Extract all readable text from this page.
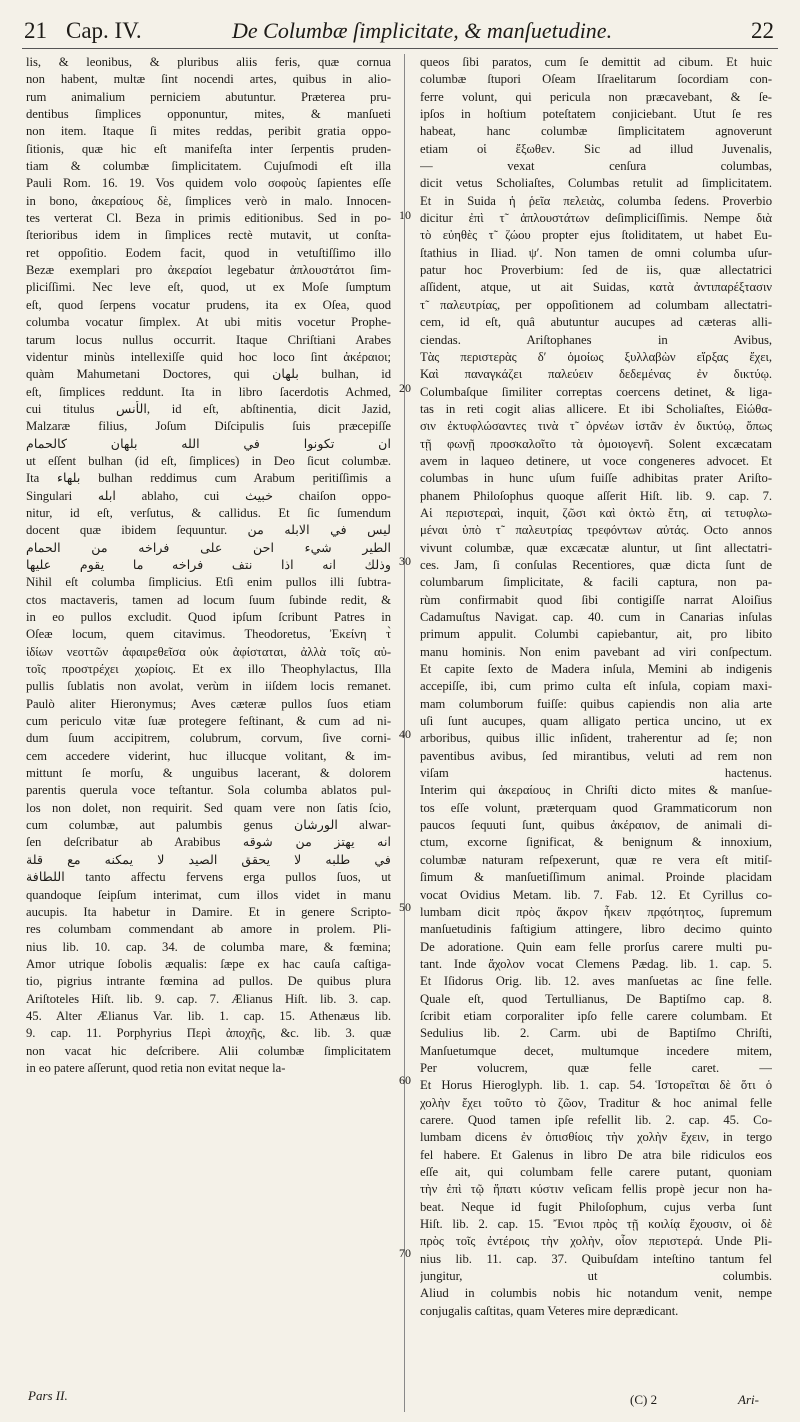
21 Cap. IV.	De Columbæ ſimplicitate, & manſuetudine.	22
lis, & leonibus, & pluribus aliis feris, quæ cornua
non habent, multæ ſint nocendi artes, quibus in alio-
rum animalium perniciem abutuntur. Præterea pru-
dentibus ſimplices opponuntur, mites, & manſueti
non item. Itaque ſi mites reddas, peribit gratia oppo-
ſitionis, quæ hic eſt manifeſta inter ſerpentis pruden-
tiam & columbæ ſimplicitatem. Cujuſmodi eſt illa
Pauli Rom. 16. 19. Vos quidem volo σοφοὺς ſapientes eſſe
in bono, ἀκεραίους δὲ, ſimplices verò in malo. Innocen-
tes verterat Cl. Beza in primis editionibus. Sed in po-
ſterioribus idem in ſimplices rectè mutavit, ut conſta-
ret oppoſitio. Eodem facit, quod in vetuſtiſſimo illo
Bezæ exemplari pro ἀκεραίοι legebatur ἀπλουστάτοι ſim-
pliciſſimi. Nec leve eſt, quod, ut ex Moſe ſumptum
eſt, quod ſerpens vocatur prudens, ita ex Oſea, quod
columba vocatur ſimplex. At ubi mitis vocetur Prophe-
tarum locus nullus occurrit. Itaque Chriſtiani Arabes
videntur minùs intellexiſſe quid hoc loco ſint ἀκέραιοι;
quàm Mahumetani Doctores, qui بلهان bulhan, id
eſt, ſimplices reddunt. Ita in libro ſacerdotis Achmed,
cui titulus الأنس, id eſt, abſtinentia, dicit Jazid,
Malzaræ filius, Joſum Diſcipulis ſuis præcepiſſe
ان تكونوا في الله بلهان كالحمام
ut eſſent bulhan (id eſt, ſimplices) in Deo ſicut columbæ.
Ita بلهاء bulhan reddimus cum Arabum peritiſſimis a
Singulari ابله ablaho, cui خبيث chaiſon oppo-
nitur, id eſt, verſutus, & callidus. Et ſic ſumendum
docent quæ ibidem ſequuntur. ليس في الابله من
الطير شيء احن على فراخه من الحمام
وذلك انه اذا نتف فراخه ما يقوم عليها
Nihil eſt columba ſimplicius. Etſi enim pullos illi ſubtra-
ctos mactaveris, tamen ad locum ſuum ſubinde redit, &
in eo pullos excludit. Quod ipſum ſcribunt Patres in
Oſeæ locum, quem citavimus. Theodoretus, Ἐκείνη τ̀
ἰδίων νεοττῶν ἀφαιρεθεῖσα οὐκ ἀφίσταται, ἀλλὰ τοῖς αὐ-
τοῖς προστρέχει χωρίοις. Et ex illo Theophylactus, Illa
pullis ſublatis non avolat, verùm in iiſdem locis remanet.
Paulò aliter Hieronymus; Aves cæteræ pullos ſuos etiam
cum periculo vitæ ſuæ protegere feſtinant, & cum ad ni-
dum ſuum accipitrem, colubrum, corvum, ſive corni-
cem accedere viderint, huc illucque volitant, & im-
mittunt ſe morſu, & unguibus lacerant, & dolorem
parentis querula voce teſtantur. Sola columba ablatos pul-
los non dolet, non requirit. Sed quam vere non ſatis ſcio,
cum columbæ, aut palumbis genus الورشان alwar-
ſen deſcribatur ab Arabibus انه يهتز من شوقه
في طلبه لا يحقق الصيد لا يمكنه مع قلة
اللطافة tanto affectu fervens erga pullos ſuos, ut
quandoque ſeipſum interimat, cum illos videt in manu
aucupis. Ita habetur in Damire. Et in genere Scripto-
res columbam commendant ab amore in prolem. Pli-
nius lib. 10. cap. 34. de columba mare, & fœmina;
Amor utrique ſobolis æqualis: ſæpe ex hac cauſa caſtiga-
tio, pigrius intrante fœmina ad pullos. De quibus plura
Ariſtoteles Hiſt. lib. 9. cap. 7. Ælianus Hiſt. lib. 3. cap.
45. Alter Ælianus Var. lib. 1. cap. 15. Athenæus lib.
9. cap. 11. Porphyrius Περὶ ἀποχῆς, &c. lib. 3. quæ
non vacat hic deſcribere. Alii columbæ ſimplicitatem
in eo patere aſſerunt, quod retia non evitat neque la-
10
20
30
40
50
60
70
queos ſibi paratos, cum ſe demittit ad cibum. Et huic
columbæ ſtupori Oſeam Iſraelitarum ſocordiam con-
ferre volunt, qui pericula non præcavebant, & ſe-
ipſos in hoſtium poteſtatem conjiciebant. Utut ſe res
habeat, hanc columbæ ſimplicitatem agnoverunt
etiam οἱ ἔξωθεν. Sic ad illud Juvenalis,
— vexat cenſura columbas,
dicit vetus Scholiaſtes, Columbas retulit ad ſimplicitatem.
Et in Suida ἡ ῥεῖα πελειὰς, columba ſedens. Proverbio
dicitur ἐπὶ τ̃ ἀπλουστάτων deſimpliciſſimis. Nempe διὰ
τὸ εὐηθὲς τ̃ ζώου propter ejus ſtoliditatem, ut habet Eu-
ſtathius in Iliad. ψ′. Non tamen de omni columba uſur-
patur hoc Proverbium: ſed de iis, quæ allectatrici
aſſident, atque, ut ait Suidas, κατὰ ἀντιπαρέξτασιν
τ̃ παλευτρίας, per oppoſitionem ad columbam allectatri-
cem, id eſt, quâ abutuntur aucupes ad cæteras alli-
ciendas. Ariſtophanes in Avibus,
Τὰς περιστερὰς δ′ ὁμοίως ξυλλαβὼν εἵρξας ἔχει,
Καὶ παναγκάζει παλεύειν δεδεμένας ἐν δικτύῳ.
Columbaſque ſimiliter correptas coercens detinet, & liga-
tas in reti cogit alias allicere. Et ibi Scholiaſtes, Εἰώθα-
σιν ἐκτυφλώσαντες τινὰ τ̃ ὀρνέων ἱστᾶν ἐν δικτύῳ, ὅπως
τῇ φωνῇ προσκαλοῖτο τὰ ὁμοιογενῆ. Solent excæcatam
avem in laqueo detinere, ut voce congeneres advocet. Et
columbas in hunc uſum fuiſſe adhibitas prater Ariſto-
phanem Philoſophus quoque aſſerit Hiſt. lib. 9. cap. 7.
Αἱ περιστεραὶ, inquit, ζῶσι καὶ ὀκτὼ ἔτη, αἱ τετυφλω-
μέναι ὑπὸ τ̃ παλευτρίας τρεφόντων αὐτάς. Octo annos
vivunt columbæ, quæ excæcatæ aluntur, ut ſint allectatri-
ces. Jam, ſi conſulas Recentiores, quæ dicta ſunt de
columbarum ſimplicitate, & facili captura, non pa-
rùm confirmabit quod ſibi contigiſſe narrat Aloiſius
Cadamuſtus Navigat. cap. 40. cum in Canarias inſulas
primum appulit. Columbi capiebantur, ait, pro libito
manu hominis. Non enim pavebant ad viri conſpectum.
Et capite ſexto de Madera inſula, Memini ab indigenis
accepiſſe, ibi, cum primo culta eſt inſula, copiam maxi-
mam columborum fuiſſe: quibus capiendis non alia arte
uſi ſunt aucupes, quam alligato pertica uncino, ut ex
arboribus, quibus illic inſident, traherentur ad ſe; non
paventibus avibus, ſed mirantibus, veluti ad rem non
viſam hactenus.
Interim qui ἀκεραίους in Chriſti dicto mites & manſue-
tos eſſe volunt, præterquam quod Grammaticorum non
paucos ſequuti ſunt, quibus ἀκέραιον, de animali di-
ctum, excorne ſignificat, & benignum & innoxium,
columbæ naturam reſpexerunt, quæ re vera eſt mitiſ-
ſimum & manſuetiſſimum animal. Proinde placidam
vocat Ovidius Metam. lib. 7. Fab. 12. Et Cyrillus co-
lumbam dicit πρὸς ἄκρον ἧκειν πρᾳότητος, ſupremum
manſuetudinis faſtigium attingere, libro decimo quinto
De adoratione. Quin eam felle prorſus carere multi pu-
tant. Inde ἄχολον vocat Clemens Pædag. lib. 1. cap. 5.
Et Iſidorus Orig. lib. 12. aves manſuetas ac ſine felle.
Quale eſt, quod Tertullianus, De Baptiſmo cap. 8.
ſcribit etiam corporaliter ipſo felle carere columbam. Et
Sedulius lib. 2. Carm. ubi de Baptiſmo Chriſti,
Manſuetumque decet, multumque incedere mitem,
Per volucrem, quæ felle caret. —
Et Horus Hieroglyph. lib. 1. cap. 54. Ἱστορεῖται δὲ ὅτι ὁ
χολὴν ἔχει τοῦτο τὸ ζῶον, Traditur & hoc animal felle
carere. Quod tamen ipſe refellit lib. 2. cap. 45. Co-
lumbam dicens ἐν ὀπισθίοις τὴν χολὴν ἔχειν, in tergo
fel habere. Et Galenus in libro De atra bile ridiculos eos
eſſe ait, qui columbam felle carere putant, quoniam
τὴν ἐπὶ τῷ ἥπατι κύστιν veſicam fellis propè jecur non ha-
beat. Neque id fugit Philoſophum, cujus verba ſunt
Hiſt. lib. 2. cap. 15. Ἔνιοι πρὸς τῇ κοιλίᾳ ἔχουσιν, οἱ δὲ
πρὸς τοῖς ἐντέροις τὴν χολὴν, οἷον περιστερά. Unde Pli-
nius lib. 11. cap. 37. Quibuſdam inteſtino tantum fel
jungitur, ut columbis.
Aliud in columbis nobis hic notandum venit, nempe
conjugalis caſtitas, quam Veteres mire deprædicant.
Pars II.	(C) 2	Ari-
